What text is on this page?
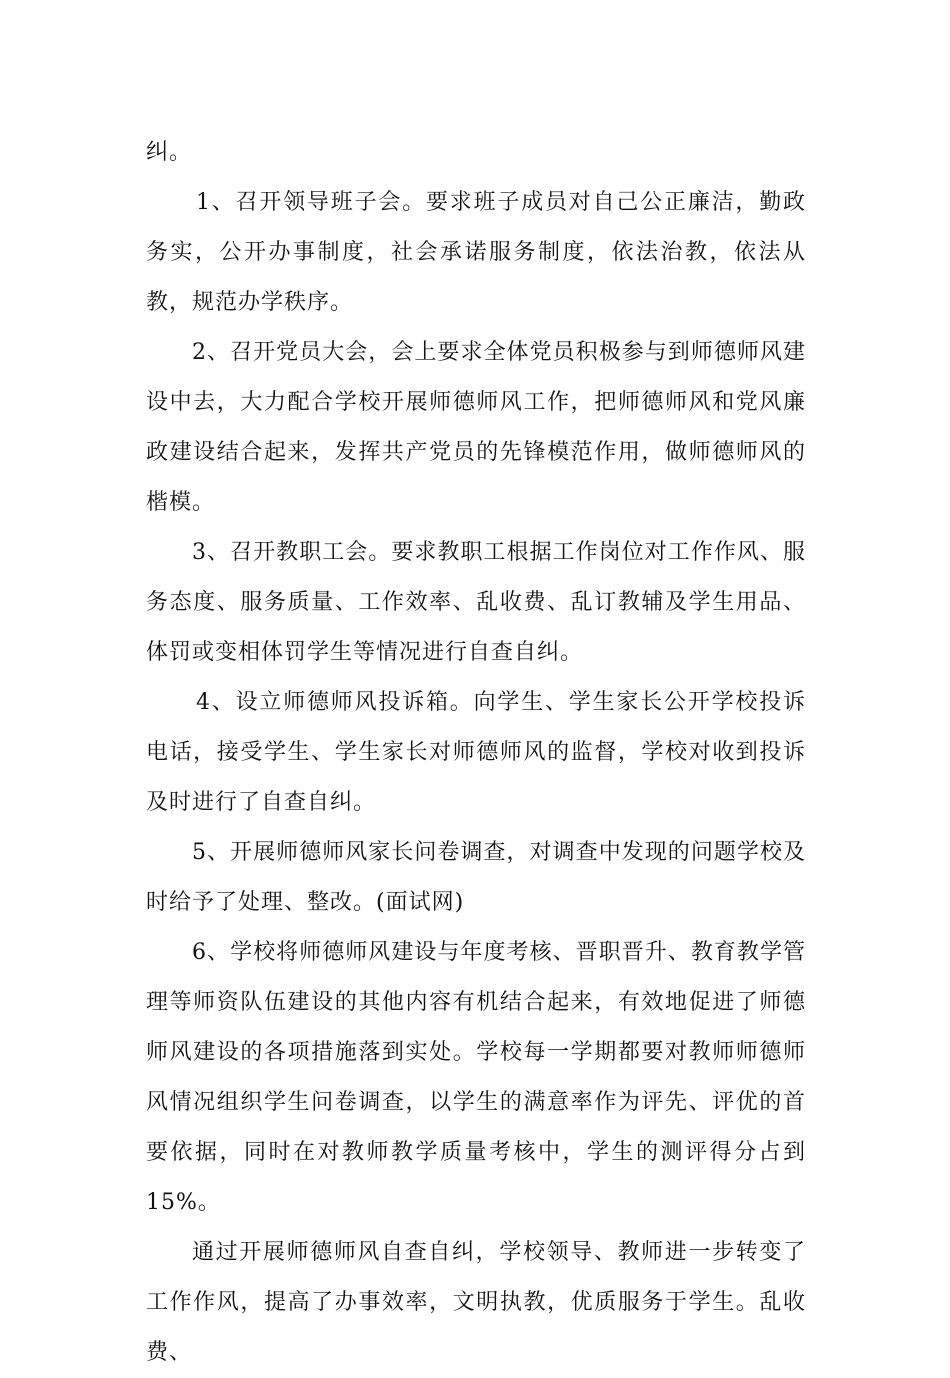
纠。

1、召开领导班子会。要求班子成员对自己公正廉洁，勤政务实，公开办事制度，社会承诺服务制度，依法治教，依法从教，规范办学秩序。

2、召开党员大会，会上要求全体党员积极参与到师德师风建设中去，大力配合学校开展师德师风工作，把师德师风和党风廉政建设结合起来，发挥共产党员的先锋模范作用，做师德师风的楷模。

3、召开教职工会。要求教职工根据工作岗位对工作作风、服务态度、服务质量、工作效率、乱收费、乱订教辅及学生用品、体罚或变相体罚学生等情况进行自查自纠。

4、设立师德师风投诉箱。向学生、学生家长公开学校投诉电话，接受学生、学生家长对师德师风的监督，学校对收到投诉及时进行了自查自纠。

5、开展师德师风家长问卷调查，对调查中发现的问题学校及时给予了处理、整改。(面试网)

6、学校将师德师风建设与年度考核、晋职晋升、教育教学管理等师资队伍建设的其他内容有机结合起来，有效地促进了师德师风建设的各项措施落到实处。学校每一学期都要对教师师德师风情况组织学生问卷调查，以学生的满意率作为评先、评优的首要依据，同时在对教师教学质量考核中，学生的测评得分占到15%。

通过开展师德师风自查自纠，学校领导、教师进一步转变了工作作风，提高了办事效率，文明执教，优质服务于学生。乱收费、
